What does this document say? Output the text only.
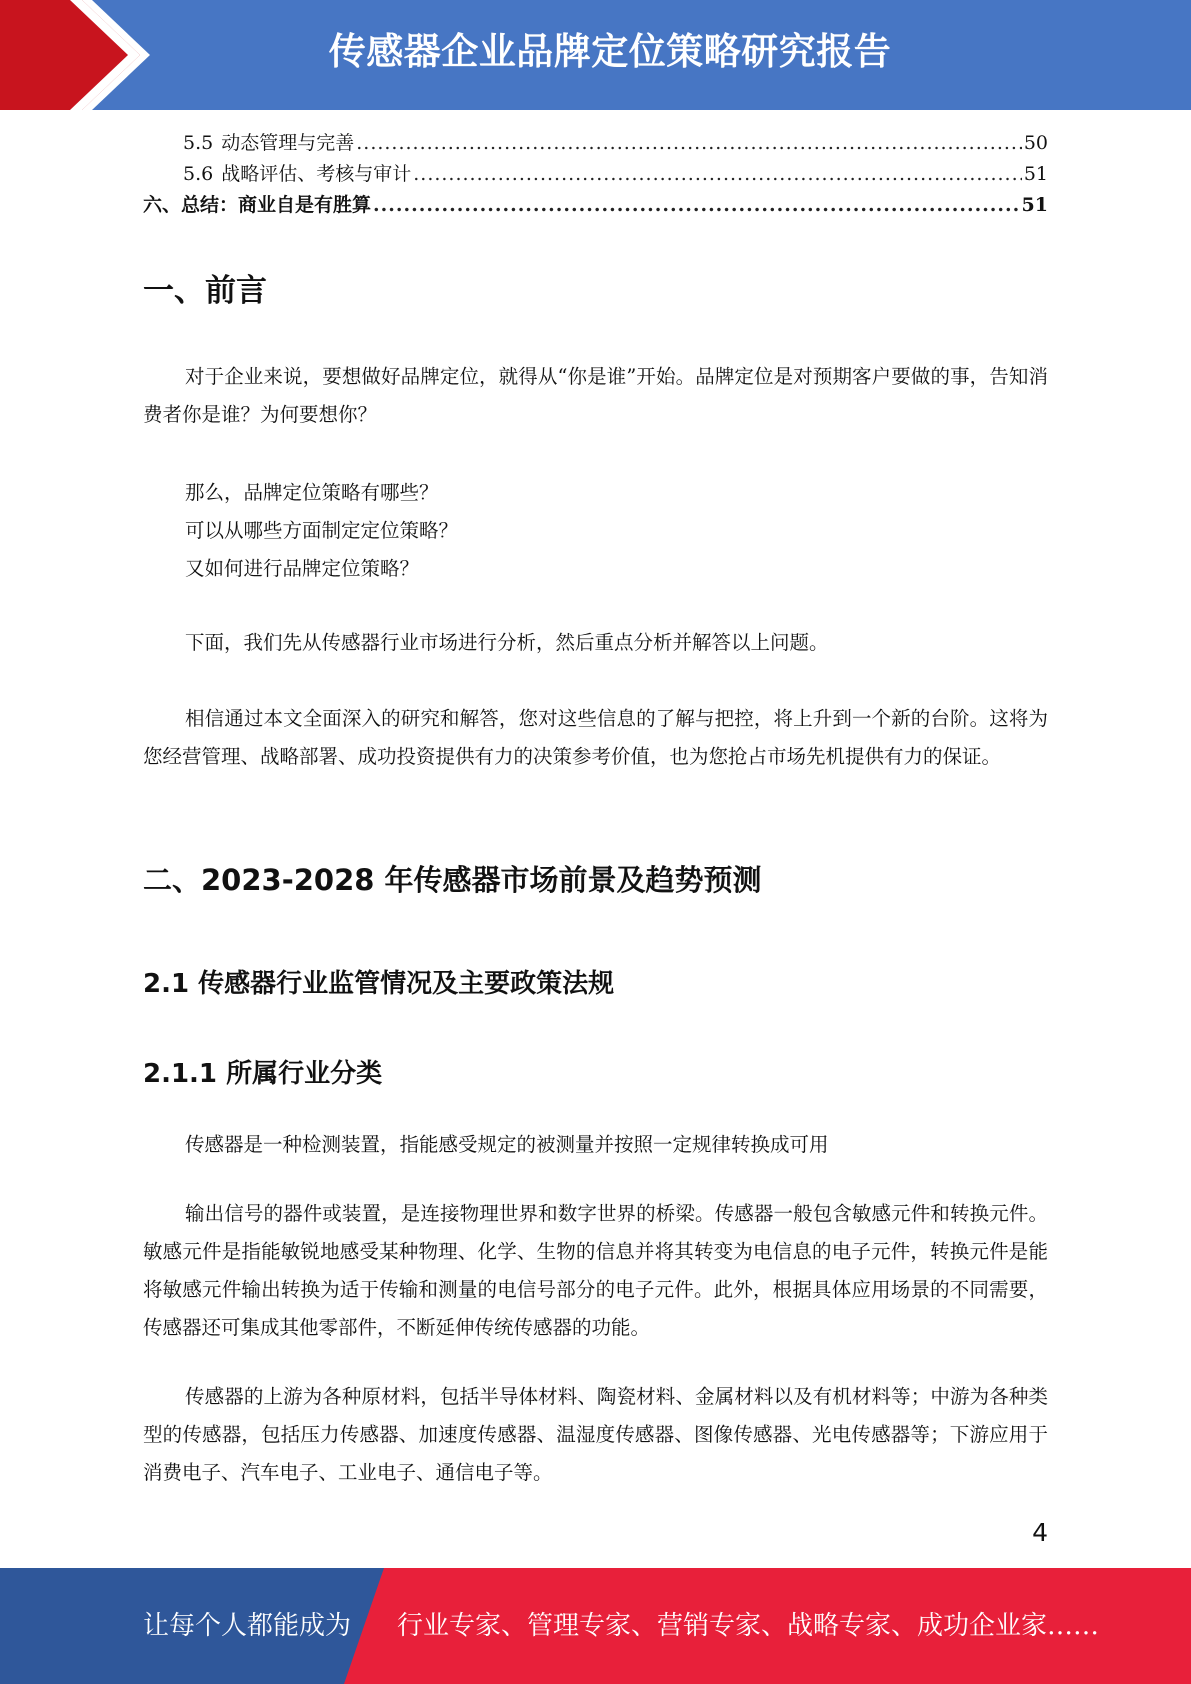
传感器企业品牌定位策略研究报告
5.5 动态管理与完善 .....	50
5.6 战略评估、考核与审计 .....	51
六、总结：商业自是有胜算 .....	51
一、前言

对于企业来说，要想做好品牌定位，就得从“你是谁”开始。品牌定位是对预期客户要做的事，告知消费者你是谁？为何要想你？

那么，品牌定位策略有哪些？
可以从哪些方面制定定位策略？
又如何进行品牌定位策略？

下面，我们先从传感器行业市场进行分析，然后重点分析并解答以上问题。

相信通过本文全面深入的研究和解答，您对这些信息的了解与把控，将上升到一个新的台阶。这将为您经营管理、战略部署、成功投资提供有力的决策参考价值，也为您抢占市场先机提供有力的保证。

二、2023-2028 年传感器市场前景及趋势预测
2.1 传感器行业监管情况及主要政策法规
2.1.1 所属行业分类

传感器是一种检测装置，指能感受规定的被测量并按照一定规律转换成可用

输出信号的器件或装置，是连接物理世界和数字世界的桥梁。传感器一般包含敏感元件和转换元件。敏感元件是指能敏锐地感受某种物理、化学、生物的信息并将其转变为电信息的电子元件，转换元件是能将敏感元件输出转换为适于传输和测量的电信号部分的电子元件。此外，根据具体应用场景的不同需要，传感器还可集成其他零部件，不断延伸传统传感器的功能。

传感器的上游为各种原材料，包括半导体材料、陶瓷材料、金属材料以及有机材料等；中游为各种类型的传感器，包括压力传感器、加速度传感器、温湿度传感器、图像传感器、光电传感器等；下游应用于消费电子、汽车电子、工业电子、通信电子等。

4
让每个人都能成为 行业专家、管理专家、营销专家、战略专家、成功企业家……
